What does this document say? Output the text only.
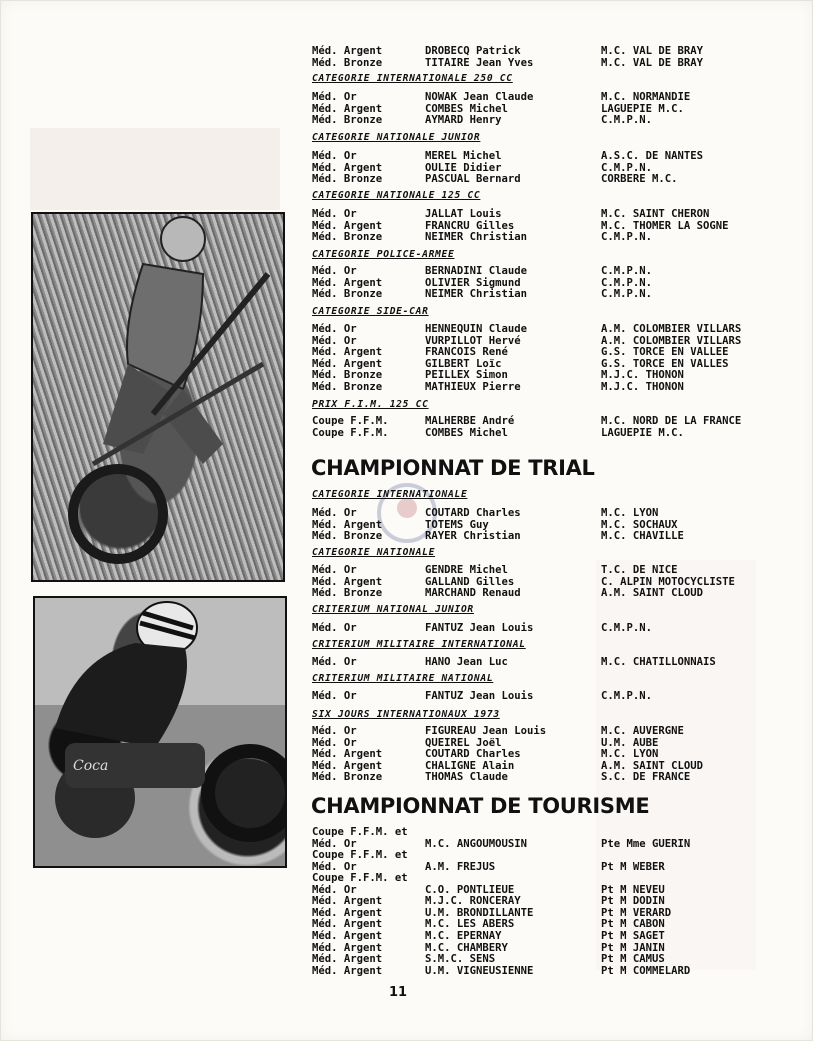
Coca
Méd. Argent	DROBECQ Patrick	M.C. VAL DE BRAY
Méd. Bronze	TITAIRE Jean Yves	M.C. VAL DE BRAY
CATEGORIE INTERNATIONALE 250 CC
Méd. Or	NOWAK Jean Claude	M.C. NORMANDIE
Méd. Argent	COMBES Michel	LAGUEPIE M.C.
Méd. Bronze	AYMARD Henry	C.M.P.N.
CATEGORIE NATIONALE JUNIOR
Méd. Or	MEREL Michel	A.S.C. DE NANTES
Méd. Argent	OULIE Didier	C.M.P.N.
Méd. Bronze	PASCUAL Bernard	CORBERE M.C.
CATEGORIE NATIONALE 125 CC
Méd. Or	JALLAT Louis	M.C. SAINT CHERON
Méd. Argent	FRANCRU Gilles	M.C. THOMER LA SOGNE
Méd. Bronze	NEIMER Christian	C.M.P.N.
CATEGORIE POLICE-ARMEE
Méd. Or	BERNADINI Claude	C.M.P.N.
Méd. Argent	OLIVIER Sigmund	C.M.P.N.
Méd. Bronze	NEIMER Christian	C.M.P.N.
CATEGORIE SIDE-CAR
Méd. Or	HENNEQUIN Claude	A.M. COLOMBIER VILLARS
Méd. Or	VURPILLOT Hervé	A.M. COLOMBIER VILLARS
Méd. Argent	FRANCOIS René	G.S. TORCE EN VALLEE
Méd. Argent	GILBERT Loïc	G.S. TORCE EN VALLES
Méd. Bronze	PEILLEX Simon	M.J.C. THONON
Méd. Bronze	MATHIEUX Pierre	M.J.C. THONON
PRIX F.I.M. 125 CC
Coupe F.F.M.	MALHERBE André	M.C. NORD DE LA FRANCE
Coupe F.F.M.	COMBES Michel	LAGUEPIE M.C.
CHAMPIONNAT DE TRIAL
CATEGORIE INTERNATIONALE
Méd. Or	COUTARD Charles	M.C. LYON
Méd. Argent	TOTEMS Guy	M.C. SOCHAUX
Méd. Bronze	RAYER Christian	M.C. CHAVILLE
CATEGORIE NATIONALE
Méd. Or	GENDRE Michel	T.C. DE NICE
Méd. Argent	GALLAND Gilles	C. ALPIN MOTOCYCLISTE
Méd. Bronze	MARCHAND Renaud	A.M. SAINT CLOUD
CRITERIUM NATIONAL JUNIOR
Méd. Or	FANTUZ Jean Louis	C.M.P.N.
CRITERIUM MILITAIRE INTERNATIONAL
Méd. Or	HANO Jean Luc	M.C. CHATILLONNAIS
CRITERIUM MILITAIRE NATIONAL
Méd. Or	FANTUZ Jean Louis	C.M.P.N.
SIX JOURS INTERNATIONAUX 1973
Méd. Or	FIGUREAU Jean Louis	M.C. AUVERGNE
Méd. Or	QUEIREL Joël	U.M. AUBE
Méd. Argent	COUTARD Charles	M.C. LYON
Méd. Argent	CHALIGNE Alain	A.M. SAINT CLOUD
Méd. Bronze	THOMAS Claude	S.C. DE FRANCE
CHAMPIONNAT DE TOURISME
Coupe F.F.M. et
Méd. Or	M.C. ANGOUMOUSIN	Pte Mme GUERIN
Coupe F.F.M. et
Méd. Or	A.M. FREJUS	Pt M WEBER
Coupe F.F.M. et
Méd. Or	C.O. PONTLIEUE	Pt M NEVEU
Méd. Argent	M.J.C. RONCERAY	Pt M DODIN
Méd. Argent	U.M. BRONDILLANTE	Pt M VERARD
Méd. Argent	M.C. LES ABERS	Pt M CABON
Méd. Argent	M.C. EPERNAY	Pt M SAGET
Méd. Argent	M.C. CHAMBERY	Pt M JANIN
Méd. Argent	S.M.C. SENS	Pt M CAMUS
Méd. Argent	U.M. VIGNEUSIENNE	Pt M COMMELARD
11
